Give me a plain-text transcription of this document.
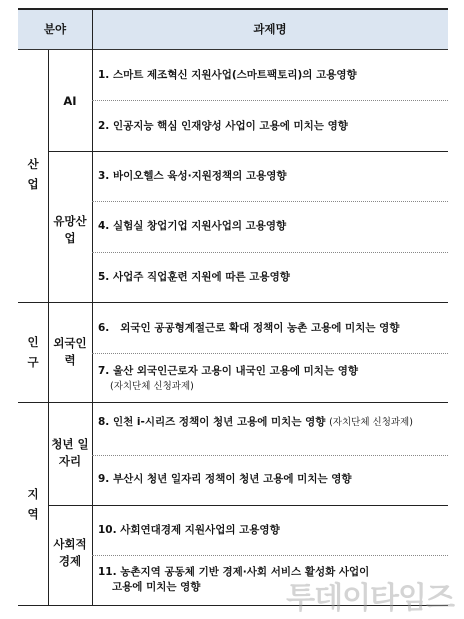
분야	과제명
산
업
인
구
지
역
AI
유망산
업
외국인
력
청년 일
자리
사회적
경제
1. 스마트 제조혁신 지원사업(스마트팩토리)의 고용영향
2. 인공지능 핵심 인재양성 사업이 고용에 미치는 영향
3. 바이오헬스 육성·지원정책의 고용영향
4. 실험실 창업기업 지원사업의 고용영향
5. 사업주 직업훈련 지원에 따른 고용영향
6.   외국인 공공형계절근로 확대 정책이 농촌 고용에 미치는 영향
7. 울산 외국인근로자 고용이 내국인 고용에 미치는 영향
(자치단체 신청과제)
8. 인천 i-시리즈 정책이 청년 고용에 미치는 영향 (자치단체 신청과제)
9. 부산시 청년 일자리 정책이 청년 고용에 미치는 영향
10. 사회연대경제 지원사업의 고용영향
11. 농촌지역 공동체 기반 경제·사회 서비스 활성화 사업이
고용에 미치는 영향	투데이타임즈
